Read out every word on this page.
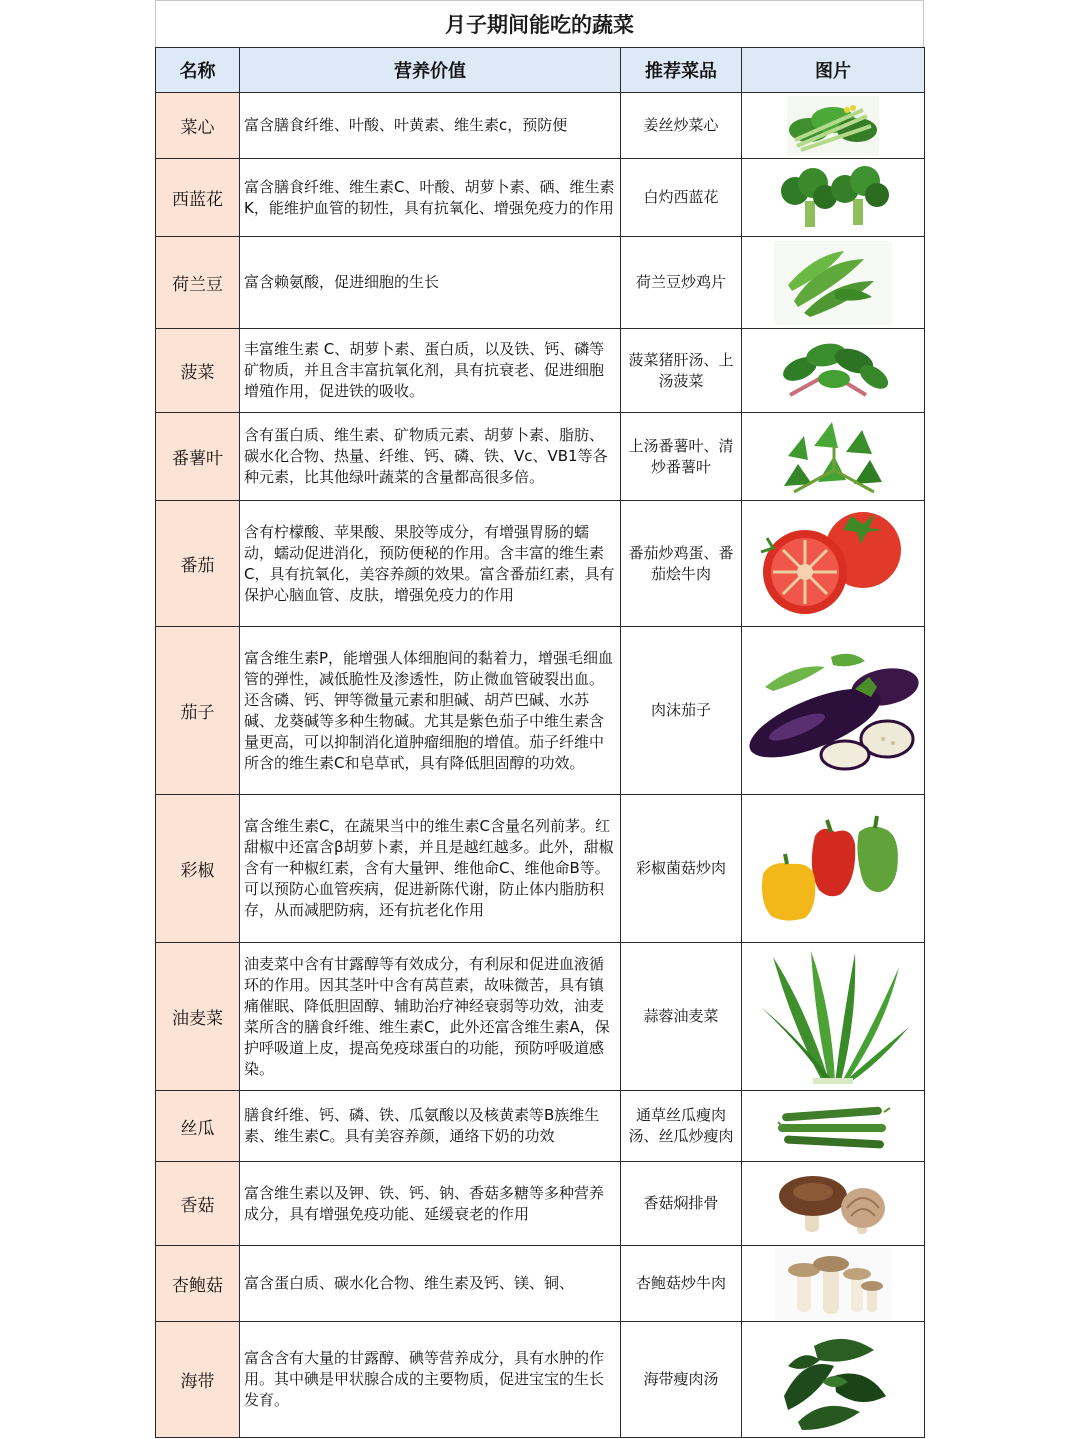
月子期间能吃的蔬菜
名称	营养价值	推荐菜品	图片
菜心	富含膳食纤维、叶酸、叶黄素、维生素c，预防便	姜丝炒菜心	

西蓝花	富含膳食纤维、维生素C、叶酸、胡萝卜素、硒、维生素K，能维护血管的韧性，具有抗氧化、增强免疫力的作用	白灼西蓝花	

荷兰豆	富含赖氨酸，促进细胞的生长	荷兰豆炒鸡片	

菠菜	丰富维生素 C、胡萝卜素、蛋白质，以及铁、钙、磷等矿物质，并且含丰富抗氧化剂，具有抗衰老、促进细胞增殖作用，促进铁的吸收。	菠菜猪肝汤、上汤菠菜	

番薯叶	含有蛋白质、维生素、矿物质元素、胡萝卜素、脂肪、碳水化合物、热量、纤维、钙、磷、铁、Vc、VB1等各种元素，比其他绿叶蔬菜的含量都高很多倍。	上汤番薯叶、清炒番薯叶	

番茄	含有柠檬酸、苹果酸、果胶等成分，有增强胃肠的蠕动，蠕动促进消化，预防便秘的作用。含丰富的维生素C，具有抗氧化，美容养颜的效果。富含番茄红素，具有保护心脑血管、皮肤，增强免疫力的作用	番茄炒鸡蛋、番茄烩牛肉	

茄子	富含维生素P，能增强人体细胞间的黏着力，增强毛细血管的弹性，减低脆性及渗透性，防止微血管破裂出血。还含磷、钙、钾等微量元素和胆碱、胡芦巴碱、水苏碱、龙葵碱等多种生物碱。尤其是紫色茄子中维生素含量更高，可以抑制消化道肿瘤细胞的增值。茄子纤维中所含的维生素C和皂草甙，具有降低胆固醇的功效。	肉沫茄子	

彩椒	富含维生素C，在蔬果当中的维生素C含量名列前茅。红甜椒中还富含β胡萝卜素，并且是越红越多。此外，甜椒含有一种椒红素，含有大量钾、维他命C、维他命B等。可以预防心血管疾病，促进新陈代谢，防止体内脂肪积存，从而减肥防病，还有抗老化作用	彩椒菌菇炒肉	

油麦菜	油麦菜中含有甘露醇等有效成分，有利尿和促进血液循环的作用。因其茎叶中含有莴苣素，故味微苦，具有镇痛催眠、降低胆固醇、辅助治疗神经衰弱等功效，油麦菜所含的膳食纤维、维生素C，此外还富含维生素A，保护呼吸道上皮，提高免疫球蛋白的功能，预防呼吸道感染。	蒜蓉油麦菜	

丝瓜	膳食纤维、钙、磷、铁、瓜氨酸以及核黄素等B族维生素、维生素C。具有美容养颜，通络下奶的功效	通草丝瓜瘦肉汤、丝瓜炒瘦肉	

香菇	富含维生素以及钾、铁、钙、钠、香菇多糖等多种营养成分，具有增强免疫功能、延缓衰老的作用	香菇焖排骨	

杏鲍菇	富含蛋白质、碳水化合物、维生素及钙、镁、铜、	杏鲍菇炒牛肉	

海带	富含含有大量的甘露醇、碘等营养成分，具有水肿的作用。其中碘是甲状腺合成的主要物质，促进宝宝的生长发育。	海带瘦肉汤	
